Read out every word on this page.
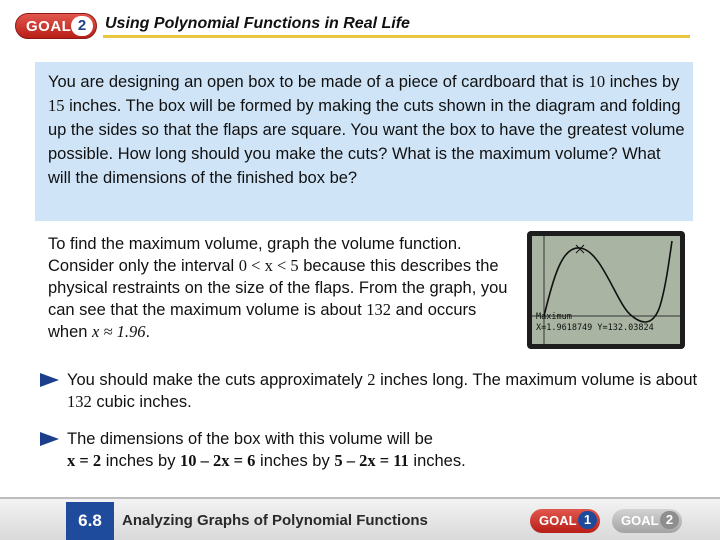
GOAL 2	Using Polynomial Functions in Real Life
You are designing an open box to be made of a piece of cardboard that is 10 inches by 15 inches. The box will be formed by making the cuts shown in the diagram and folding up the sides so that the flaps are square. You want the box to have the greatest volume possible. How long should you make the cuts? What is the maximum volume? What will the dimensions of the finished box be?
To find the maximum volume, graph the volume function. Consider only the interval 0 < x < 5 because this describes the physical restraints on the size of the flaps. From the graph, you can see that the maximum volume is about 132 and occurs when x ≈ 1.96.
Maximum
X=1.9618749 Y=132.03824
You should make the cuts approximately 2 inches long. The maximum volume is about 132 cubic inches.
The dimensions of the box with this volume will be
x = 2 inches by 10 – 2x = 6 inches by 5 – 2x = 11 inches.
6.8	Analyzing Graphs of Polynomial Functions	GOAL 1	GOAL 2
